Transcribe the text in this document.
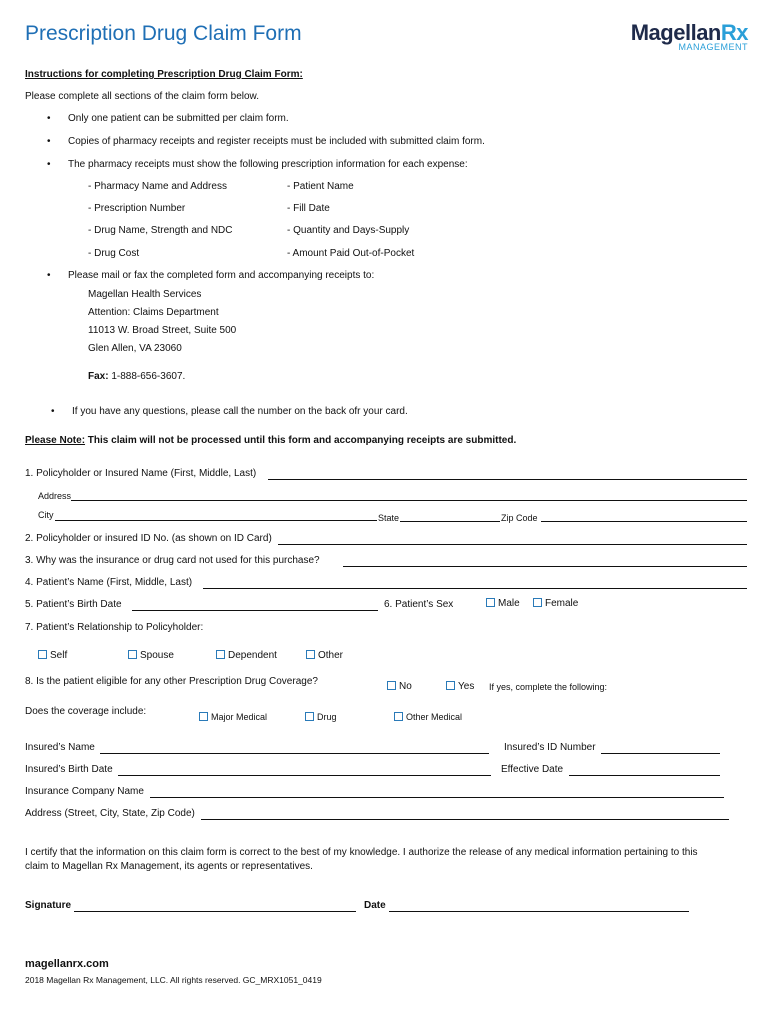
Prescription Drug Claim Form	MagellanRx
MANAGEMENT
Instructions for completing Prescription Drug Claim Form:
Please complete all sections of the claim form below.
• Only one patient can be submitted per claim form.
• Copies of pharmacy receipts and register receipts must be included with submitted claim form.
• The pharmacy receipts must show the following prescription information for each expense:
- Pharmacy Name and Address	- Patient Name
- Prescription Number	- Fill Date
- Drug Name, Strength and NDC	- Quantity and Days-Supply
- Drug Cost	- Amount Paid Out-of-Pocket
• Please mail or fax the completed form and accompanying receipts to:
Magellan Health Services
Attention: Claims Department
11013 W. Broad Street, Suite 500
Glen Allen, VA 23060
Fax: 1-888-656-3607.
• If you have any questions, please call the number on the back ofr your card.
Please Note: This claim will not be processed until this form and accompanying receipts are submitted.
1. Policyholder or Insured Name (First, Middle, Last)
Address
City	State	Zip Code
2. Policyholder or insured ID No. (as shown on ID Card)
3. Why was the insurance or drug card not used for this purchase?
4. Patient’s Name (First, Middle, Last)
5. Patient’s Birth Date	6. Patient’s Sex	Male	Female
7. Patient’s Relationship to Policyholder:
Self	Spouse	Dependent	Other
8. Is the patient eligible for any other Prescription Drug Coverage?	No	Yes If yes, complete the following:
Does the coverage include:	Major Medical	Drug	Other Medical
Insured’s Name	Insured’s ID Number
Insured’s Birth Date	Effective Date
Insurance Company Name
Address (Street, City, State, Zip Code)
I certify that the information on this claim form is correct to the best of my knowledge. I authorize the release of any medical information pertaining to this
claim to Magellan Rx Management, its agents or representatives.
Signature	Date
magellanrx.com
2018 Magellan Rx Management, LLC. All rights reserved. GC_MRX1051_0419
